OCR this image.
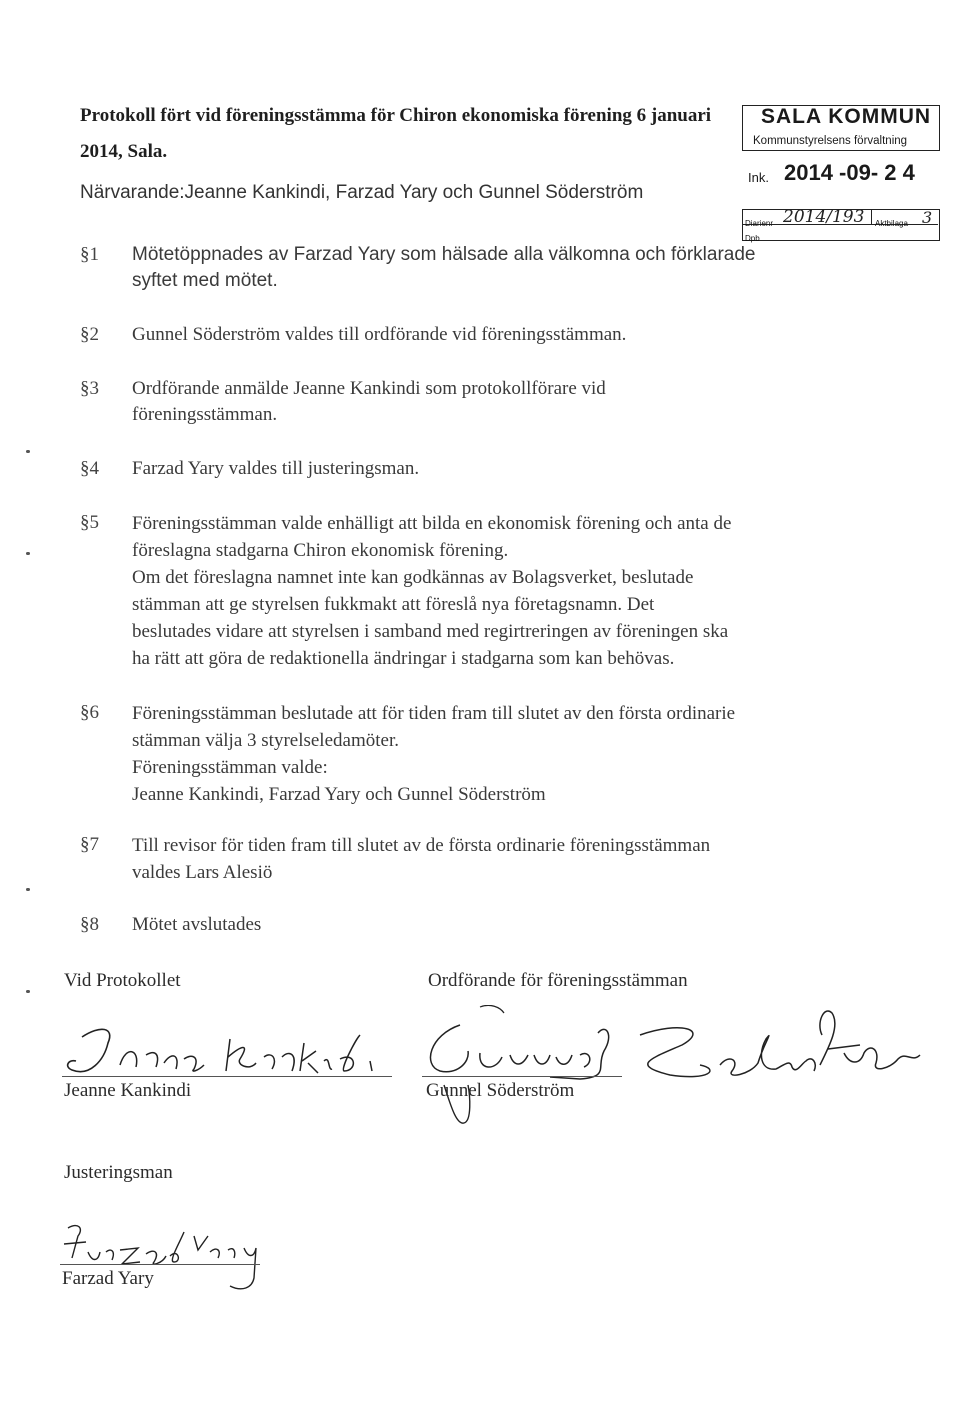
Protokoll fört vid föreningsstämma för Chiron ekonomiska förening 6 januari 2014, Sala.
SALA KOMMUN
Kommunstyrelsens förvaltning
Ink. 2014 -09- 2 4
Diarienr 2014/193 Aktbilaga 3
Dpb
Närvarande:Jeanne Kankindi, Farzad Yary och Gunnel Söderström
§1 Mötetöppnades av Farzad Yary som hälsade alla välkomna och förklarade
syftet med mötet.
§2 Gunnel Söderström valdes till ordförande vid föreningsstämman.
§3 Ordförande anmälde Jeanne Kankindi som protokollförare vid
föreningsstämman.
§4 Farzad Yary valdes till justeringsman.
§5 Föreningsstämman valde enhälligt att bilda en ekonomisk förening och anta de
föreslagna stadgarna Chiron ekonomisk förening.
Om det föreslagna namnet inte kan godkännas av Bolagsverket, beslutade
stämman att ge styrelsen fukkmakt att föreslå nya företagsnamn. Det
beslutades vidare att styrelsen i samband med regirtreringen av föreningen ska
ha rätt att göra de redaktionella ändringar i stadgarna som kan behövas.
§6 Föreningsstämman beslutade att för tiden fram till slutet av den första ordinarie
stämman välja 3 styrelseledamöter.
Föreningsstämman valde:
Jeanne Kankindi, Farzad Yary och Gunnel Söderström
§7 Till revisor för tiden fram till slutet av de första ordinarie föreningsstämman
valdes Lars Alesiö
§8 Mötet avslutades
Vid Protokollet	Ordförande för föreningsstämman
Jeanne Kankindi	Gunnel Söderström
Justeringsman
Farzad Yary
